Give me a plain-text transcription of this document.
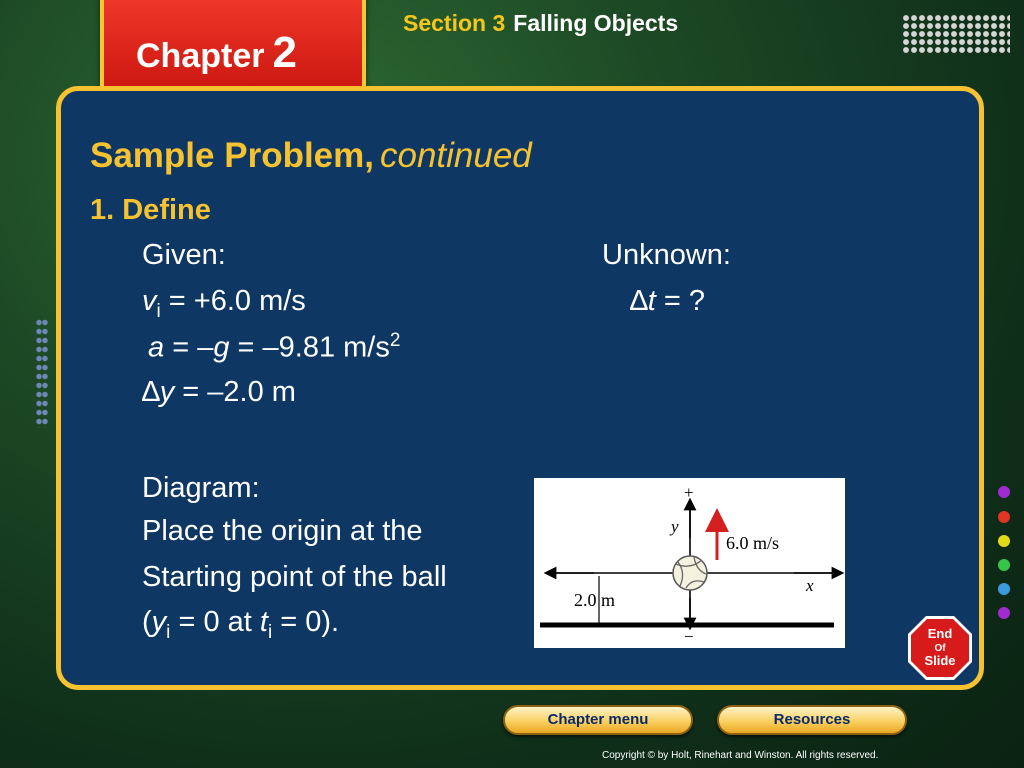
Chapter 2
Section 3 Falling Objects
Sample Problem, continued
1. Define
Given:	Unknown:
$v_i = +6.0$ m/s
a = –g = –9.81 $m/s^2$
∆y = –2.0 m
∆t = ?
Diagram:
Place the origin at the
Starting point of the ball
($y_i = 0$ at $t_i = 0$).
+
−
y
x
6.0 m/s
2.0 m
End
Of
Slide
Chapter menu	Resources
Copyright © by Holt, Rinehart and Winston. All rights reserved.
